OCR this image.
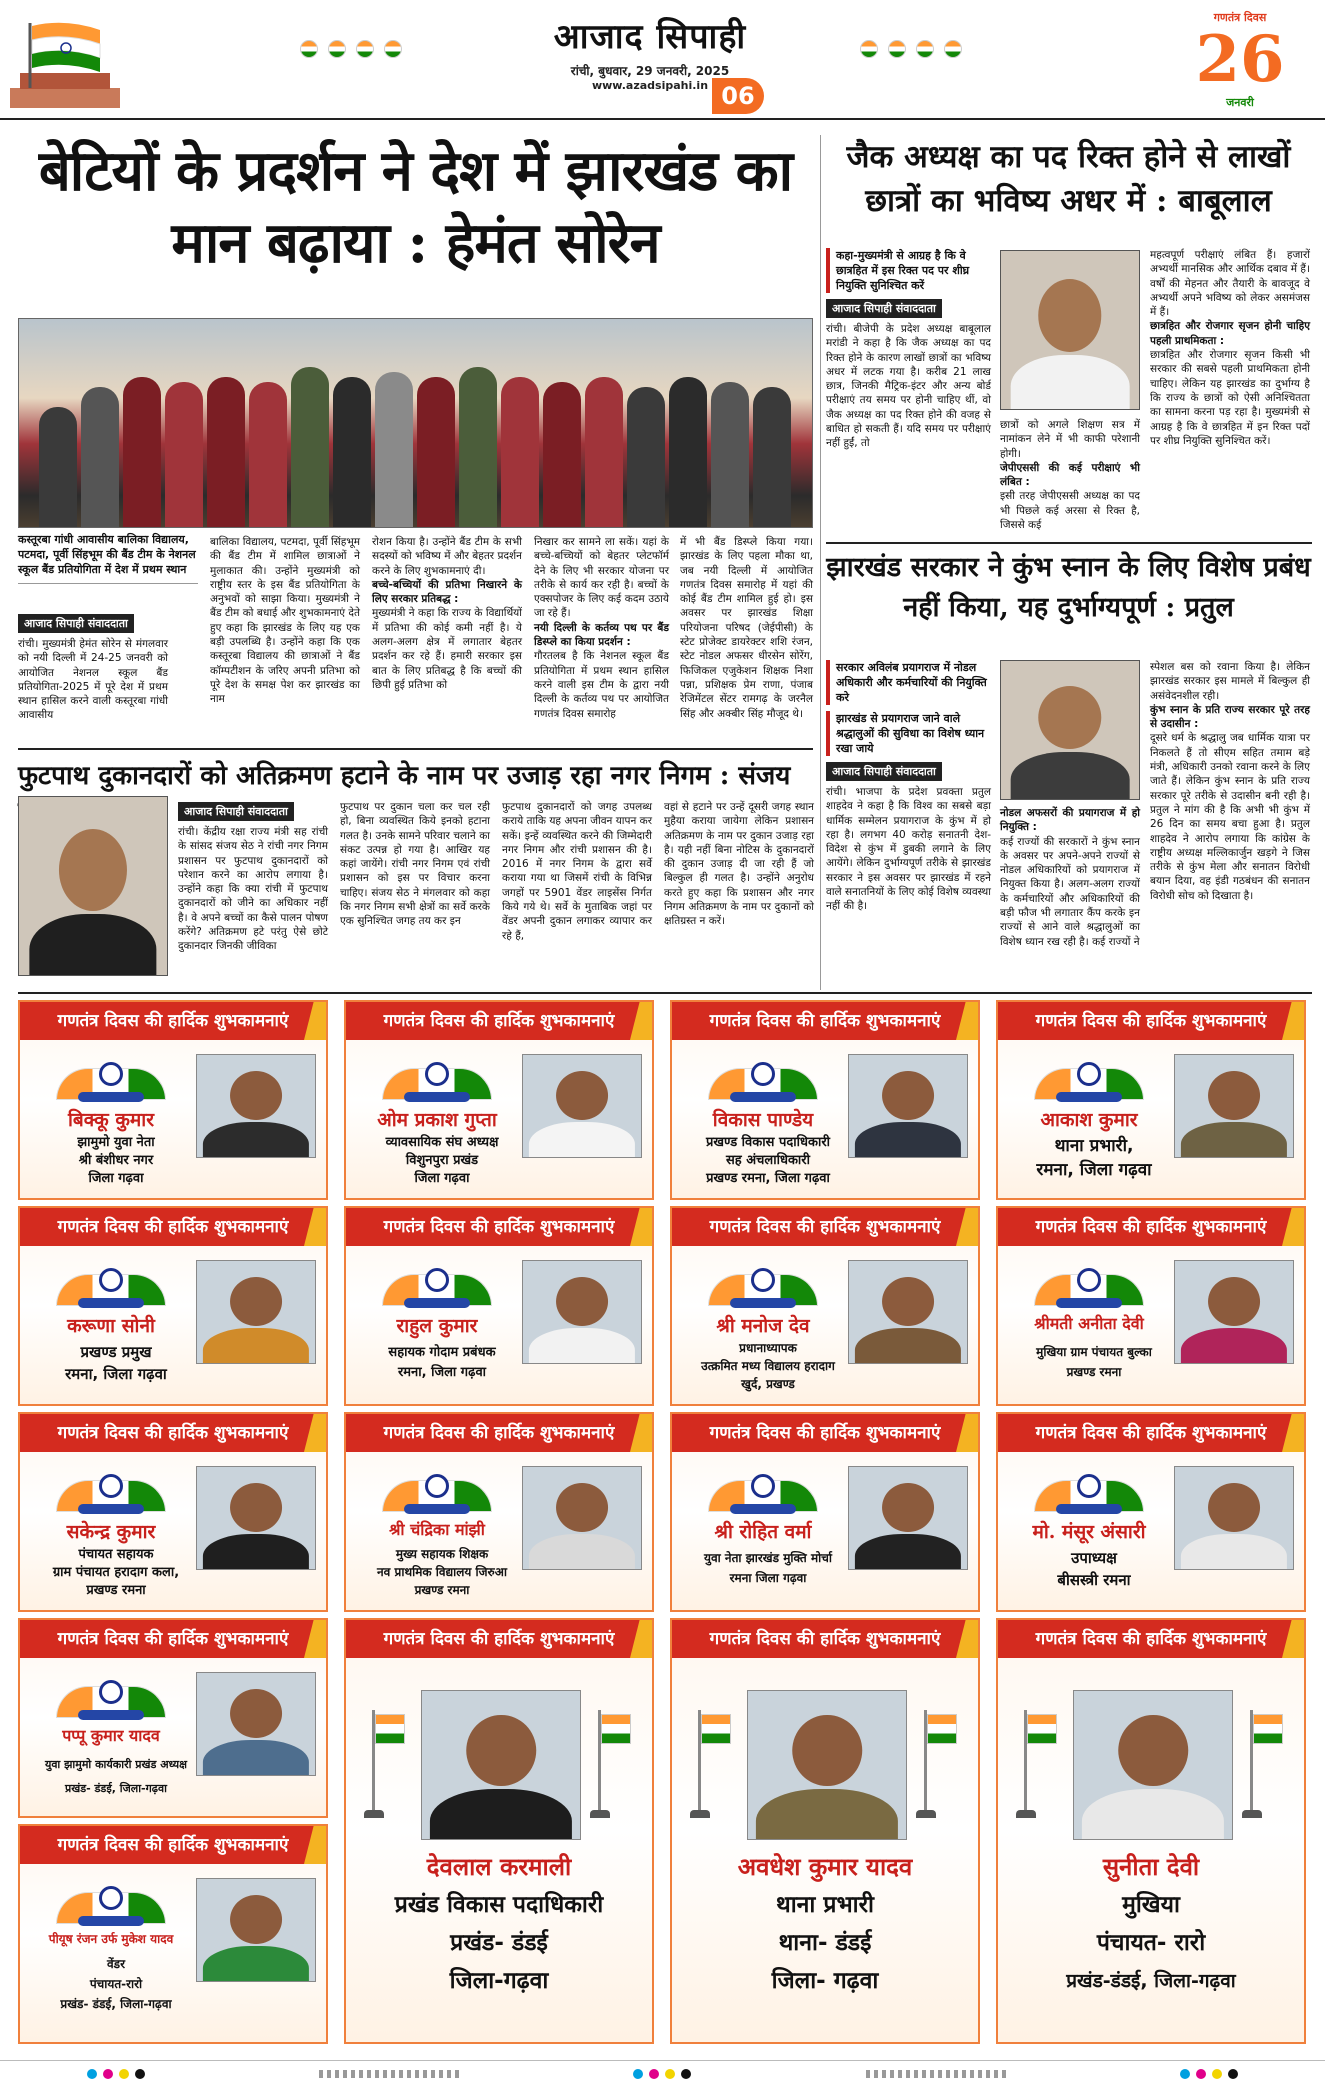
आजाद सिपाही
रांची, बुधवार, 29 जनवरी, 2025
www.azadsipahi.in 06
गणतंत्र दिवस
26
जनवरी
बेटियों के प्रदर्शन ने देश में झारखंड का मान बढ़ाया : हेमंत सोरेन
कस्तूरबा गांधी आवासीय बालिका विद्यालय, पटमदा, पूर्वी सिंहभूम की बैंड टीम के नेशनल स्कूल बैंड प्रतियोगिता में देश में प्रथम स्थान
आजाद सिपाही संवाददाता

रांची। मुख्यमंत्री हेमंत सोरेन से मंगलवार को नयी दिल्ली में 24-25 जनवरी को आयोजित नेशनल स्कूल बैंड प्रतियोगिता-2025 में पूरे देश में प्रथम स्थान हासिल करने वाली कस्तूरबा गांधी आवासीय

बालिका विद्यालय, पटमदा, पूर्वी सिंहभूम की बैंड टीम में शामिल छात्राओं ने मुलाकात की। उन्होंने मुख्यमंत्री को राष्ट्रीय स्तर के इस बैंड प्रतियोगिता के अनुभवों को साझा किया। मुख्यमंत्री ने बैंड टीम को बधाई और शुभकामनाएं देते हुए कहा कि झारखंड के लिए यह एक बड़ी उपलब्धि है। उन्होंने कहा कि एक कस्तूरबा विद्यालय की छात्राओं ने बैंड कॉम्पटीशन के जरिए अपनी प्रतिभा को पूरे देश के समक्ष पेश कर झारखंड का नाम

रोशन किया है। उन्होंने बैंड टीम के सभी सदस्यों को भविष्य में और बेहतर प्रदर्शन करने के लिए शुभकामनाएं दी।

बच्चे-बच्चियों की प्रतिभा निखारने के लिए सरकार प्रतिबद्ध :

मुख्यमंत्री ने कहा कि राज्य के विद्यार्थियों में प्रतिभा की कोई कमी नहीं है। ये अलग-अलग क्षेत्र में लगातार बेहतर प्रदर्शन कर रहे हैं। हमारी सरकार इस बात के लिए प्रतिबद्ध है कि बच्चों की छिपी हुई प्रतिभा को

निखार कर सामने ला सकें। यहां के बच्चे-बच्चियों को बेहतर प्लेटफॉर्म देने के लिए भी सरकार योजना पर तरीके से कार्य कर रही है। बच्चों के एक्सपोजर के लिए कई कदम उठाये जा रहे हैं।

नयी दिल्ली के कर्तव्य पथ पर बैंड डिस्प्ले का किया प्रदर्शन :

गौरतलब है कि नेशनल स्कूल बैंड प्रतियोगिता में प्रथम स्थान हासिल करने वाली इस टीम के द्वारा नयी दिल्ली के कर्तव्य पथ पर आयोजित गणतंत्र दिवस समारोह

में भी बैंड डिस्प्ले किया गया। झारखंड के लिए पहला मौका था, जब नयी दिल्ली में आयोजित गणतंत्र दिवस समारोह में यहां की कोई बैंड टीम शामिल हुई हो। इस अवसर पर झारखंड शिक्षा परियोजना परिषद (जेईपीसी) के स्टेट प्रोजेक्ट डायरेक्टर शशि रंजन, स्टेट नोडल अफसर धीरसेन सोरेंग, फिजिकल एजुकेशन शिक्षक निशा पन्ना, प्रशिक्षक प्रेम राणा, पंजाब रेजिमेंटल सेंटर रामगढ़ के जरनैल सिंह और अक्बीर सिंह मौजूद थे।

जैक अध्यक्ष का पद रिक्त होने से लाखों छात्रों का भविष्य अधर में : बाबूलाल

कहा-मुख्यमंत्री से आग्रह है कि वे छात्रहित में इस रिक्त पद पर शीघ्र नियुक्ति सुनिश्चित करें

आजाद सिपाही संवाददाता

रांची। बीजेपी के प्रदेश अध्यक्ष बाबूलाल मरांडी ने कहा है कि जैक अध्यक्ष का पद रिक्त होने के कारण लाखों छात्रों का भविष्य अधर में लटक गया है। करीब 21 लाख छात्र, जिनकी मैट्रिक-इंटर और अन्य बोर्ड परीक्षाएं तय समय पर होनी चाहिए थीं, वो जैक अध्यक्ष का पद रिक्त होने की वजह से बाधित हो सकती हैं। यदि समय पर परीक्षाएं नहीं हुईं, तो

छात्रों को अगले शिक्षण सत्र में नामांकन लेने में भी काफी परेशानी होगी।

जेपीएससी की कई परीक्षाएं भी लंबित :

इसी तरह जेपीएससी अध्यक्ष का पद भी पिछले कई अरसा से रिक्त है, जिससे कई

महत्वपूर्ण परीक्षाएं लंबित हैं। हजारों अभ्यर्थी मानसिक और आर्थिक दबाव में हैं। वर्षों की मेहनत और तैयारी के बावजूद वे अभ्यर्थी अपने भविष्य को लेकर असमंजस में हैं।

छात्रहित और रोजगार सृजन होनी चाहिए पहली प्राथमिकता :

छात्रहित और रोजगार सृजन किसी भी सरकार की सबसे पहली प्राथमिकता होनी चाहिए। लेकिन यह झारखंड का दुर्भाग्य है कि राज्य के छात्रों को ऐसी अनिश्चितता का सामना करना पड़ रहा है। मुख्यमंत्री से आग्रह है कि वे छात्रहित में इन रिक्त पदों पर शीघ्र नियुक्ति सुनिश्चित करें।

झारखंड सरकार ने कुंभ स्नान के लिए विशेष प्रबंध नहीं किया, यह दुर्भाग्यपूर्ण : प्रतुल

सरकार अविलंब प्रयागराज में नोडल अधिकारी और कर्मचारियों की नियुक्ति करे

झारखंड से प्रयागराज जाने वाले श्रद्धालुओं की सुविधा का विशेष ध्यान रखा जाये

आजाद सिपाही संवाददाता

रांची। भाजपा के प्रदेश प्रवक्ता प्रतुल शाहदेव ने कहा है कि विश्व का सबसे बड़ा धार्मिक सम्मेलन प्रयागराज के कुंभ में हो रहा है। लगभग 40 करोड़ सनातनी देश-विदेश से कुंभ में डुबकी लगाने के लिए आयेंगे। लेकिन दुर्भाग्यपूर्ण तरीके से झारखंड सरकार ने इस अवसर पर झारखंड में रहने वाले सनातनियों के लिए कोई विशेष व्यवस्था नहीं की है।

नोडल अफसरों की प्रयागराज में हो नियुक्ति :

कई राज्यों की सरकारों ने कुंभ स्नान के अवसर पर अपने-अपने राज्यों से नोडल अधिकारियों को प्रयागराज में नियुक्त किया है। अलग-अलग राज्यों के कर्मचारियों और अधिकारियों की बड़ी फौज भी लगातार कैंप करके इन राज्यों से आने वाले श्रद्धालुओं का विशेष ध्यान रख रही है। कई राज्यों ने

स्पेशल बस को रवाना किया है। लेकिन झारखंड सरकार इस मामले में बिल्कुल ही असंवेदनशील रही।

कुंभ स्नान के प्रति राज्य सरकार पूरे तरह से उदासीन :

दूसरे धर्म के श्रद्धालु जब धार्मिक यात्रा पर निकलते हैं तो सीएम सहित तमाम बड़े मंत्री, अधिकारी उनको रवाना करने के लिए जाते हैं। लेकिन कुंभ स्नान के प्रति राज्य सरकार पूरे तरीके से उदासीन बनी रही है। प्रतुल ने मांग की है कि अभी भी कुंभ में 26 दिन का समय बचा हुआ है। प्रतुल शाहदेव ने आरोप लगाया कि कांग्रेस के राष्ट्रीय अध्यक्ष मल्लिकार्जुन खड़गे ने जिस तरीके से कुंभ मेला और सनातन विरोधी बयान दिया, वह इंडी गठबंधन की सनातन विरोधी सोच को दिखाता है।

फुटपाथ दुकानदारों को अतिक्रमण हटाने के नाम पर उजाड़ रहा नगर निगम : संजय
आजाद सिपाही संवाददाता

रांची। केंद्रीय रक्षा राज्य मंत्री सह रांची के सांसद संजय सेठ ने रांची नगर निगम प्रशासन पर फुटपाथ दुकानदारों को परेशान करने का आरोप लगाया है। उन्होंने कहा कि क्या रांची में फुटपाथ दुकानदारों को जीने का अधिकार नहीं है। वे अपने बच्चों का कैसे पालन पोषण करेंगे? अतिक्रमण हटे परंतु ऐसे छोटे दुकानदार जिनकी जीविका

फुटपाथ पर दुकान चला कर चल रही हो, बिना व्यवस्थित किये इनको हटाना गलत है। उनके सामने परिवार चलाने का संकट उत्पन्न हो गया है। आखिर यह कहां जायेंगे। रांची नगर निगम एवं रांची प्रशासन को इस पर विचार करना चाहिए। संजय सेठ ने मंगलवार को कहा कि नगर निगम सभी क्षेत्रों का सर्वे करके एक सुनिश्चित जगह तय कर इन

फुटपाथ दुकानदारों को जगह उपलब्ध कराये ताकि यह अपना जीवन यापन कर सकें। इन्हें व्यवस्थित करने की जिम्मेदारी नगर निगम और रांची प्रशासन की है। 2016 में नगर निगम के द्वारा सर्वे कराया गया था जिसमें रांची के विभिन्न जगहों पर 5901 वेंडर लाइसेंस निर्गत किये गये थे। सर्वे के मुताबिक जहां पर वेंडर अपनी दुकान लगाकर व्यापार कर रहे हैं,

वहां से हटाने पर उन्हें दूसरी जगह स्थान मुहैया कराया जायेगा लेकिन प्रशासन अतिक्रमण के नाम पर दुकान उजाड़ रहा है। यही नहीं बिना नोटिस के दुकानदारों की दुकान उजाड़ दी जा रही हैं जो बिल्कुल ही गलत है। उन्होंने अनुरोध करते हुए कहा कि प्रशासन और नगर निगम अतिक्रमण के नाम पर दुकानों को क्षतिग्रस्त न करें।

गणतंत्र दिवस की हार्दिक शुभकामनाएं
बिक्कू कुमार
झामुमो युवा नेता
श्री बंशीधर नगर
जिला गढ़वा
गणतंत्र दिवस की हार्दिक शुभकामनाएं
ओम प्रकाश गुप्ता
व्यावसायिक संघ अध्यक्ष
विशुनपुरा प्रखंड
जिला गढ़वा
गणतंत्र दिवस की हार्दिक शुभकामनाएं
विकास पाण्डेय
प्रखण्ड विकास पदाधिकारी
सह अंचलाधिकारी
प्रखण्ड रमना, जिला गढ़वा
गणतंत्र दिवस की हार्दिक शुभकामनाएं
आकाश कुमार
थाना प्रभारी,
रमना, जिला गढ़वा
गणतंत्र दिवस की हार्दिक शुभकामनाएं
करूणा सोनी
प्रखण्ड प्रमुख
रमना, जिला गढ़वा
गणतंत्र दिवस की हार्दिक शुभकामनाएं
राहुल कुमार
सहायक गोदाम प्रबंधक
रमना, जिला गढ़वा
गणतंत्र दिवस की हार्दिक शुभकामनाएं
श्री मनोज देव
प्रधानाध्यापक
उत्क्रमित मध्य विद्यालय हरादाग
खुर्द, प्रखण्ड
गणतंत्र दिवस की हार्दिक शुभकामनाएं
श्रीमती अनीता देवी
मुखिया ग्राम पंचायत बुल्का
प्रखण्ड रमना
गणतंत्र दिवस की हार्दिक शुभकामनाएं
सकेन्द्र कुमार
पंचायत सहायक
ग्राम पंचायत हरादाग कला,
प्रखण्ड रमना
गणतंत्र दिवस की हार्दिक शुभकामनाएं
श्री चंद्रिका मांझी
मुख्य सहायक शिक्षक
नव प्राथमिक विद्यालय जिरुआ
प्रखण्ड रमना
गणतंत्र दिवस की हार्दिक शुभकामनाएं
श्री रोहित वर्मा
युवा नेता झारखंड मुक्ति मोर्चा
रमना जिला गढ़वा
गणतंत्र दिवस की हार्दिक शुभकामनाएं
मो. मंसूर अंसारी
उपाध्यक्ष
बीसस्त्री रमना
गणतंत्र दिवस की हार्दिक शुभकामनाएं
पप्पू कुमार यादव
युवा झामुमो कार्यकारी प्रखंड अध्यक्ष
प्रखंड- डंडई, जिला-गढ़वा
गणतंत्र दिवस की हार्दिक शुभकामनाएं
पीयूष रंजन उर्फ मुकेश यादव
वेंडर
पंचायत-रारो
प्रखंड- डंडई, जिला-गढ़वा
गणतंत्र दिवस की हार्दिक शुभकामनाएं
देवलाल करमाली
प्रखंड विकास पदाधिकारी
प्रखंड- डंडई
जिला-गढ़वा
गणतंत्र दिवस की हार्दिक शुभकामनाएं
अवधेश कुमार यादव
थाना प्रभारी
थाना- डंडई
जिला- गढ़वा
गणतंत्र दिवस की हार्दिक शुभकामनाएं
सुनीता देवी
मुखिया
पंचायत- रारो
प्रखंड-डंडई, जिला-गढ़वा
